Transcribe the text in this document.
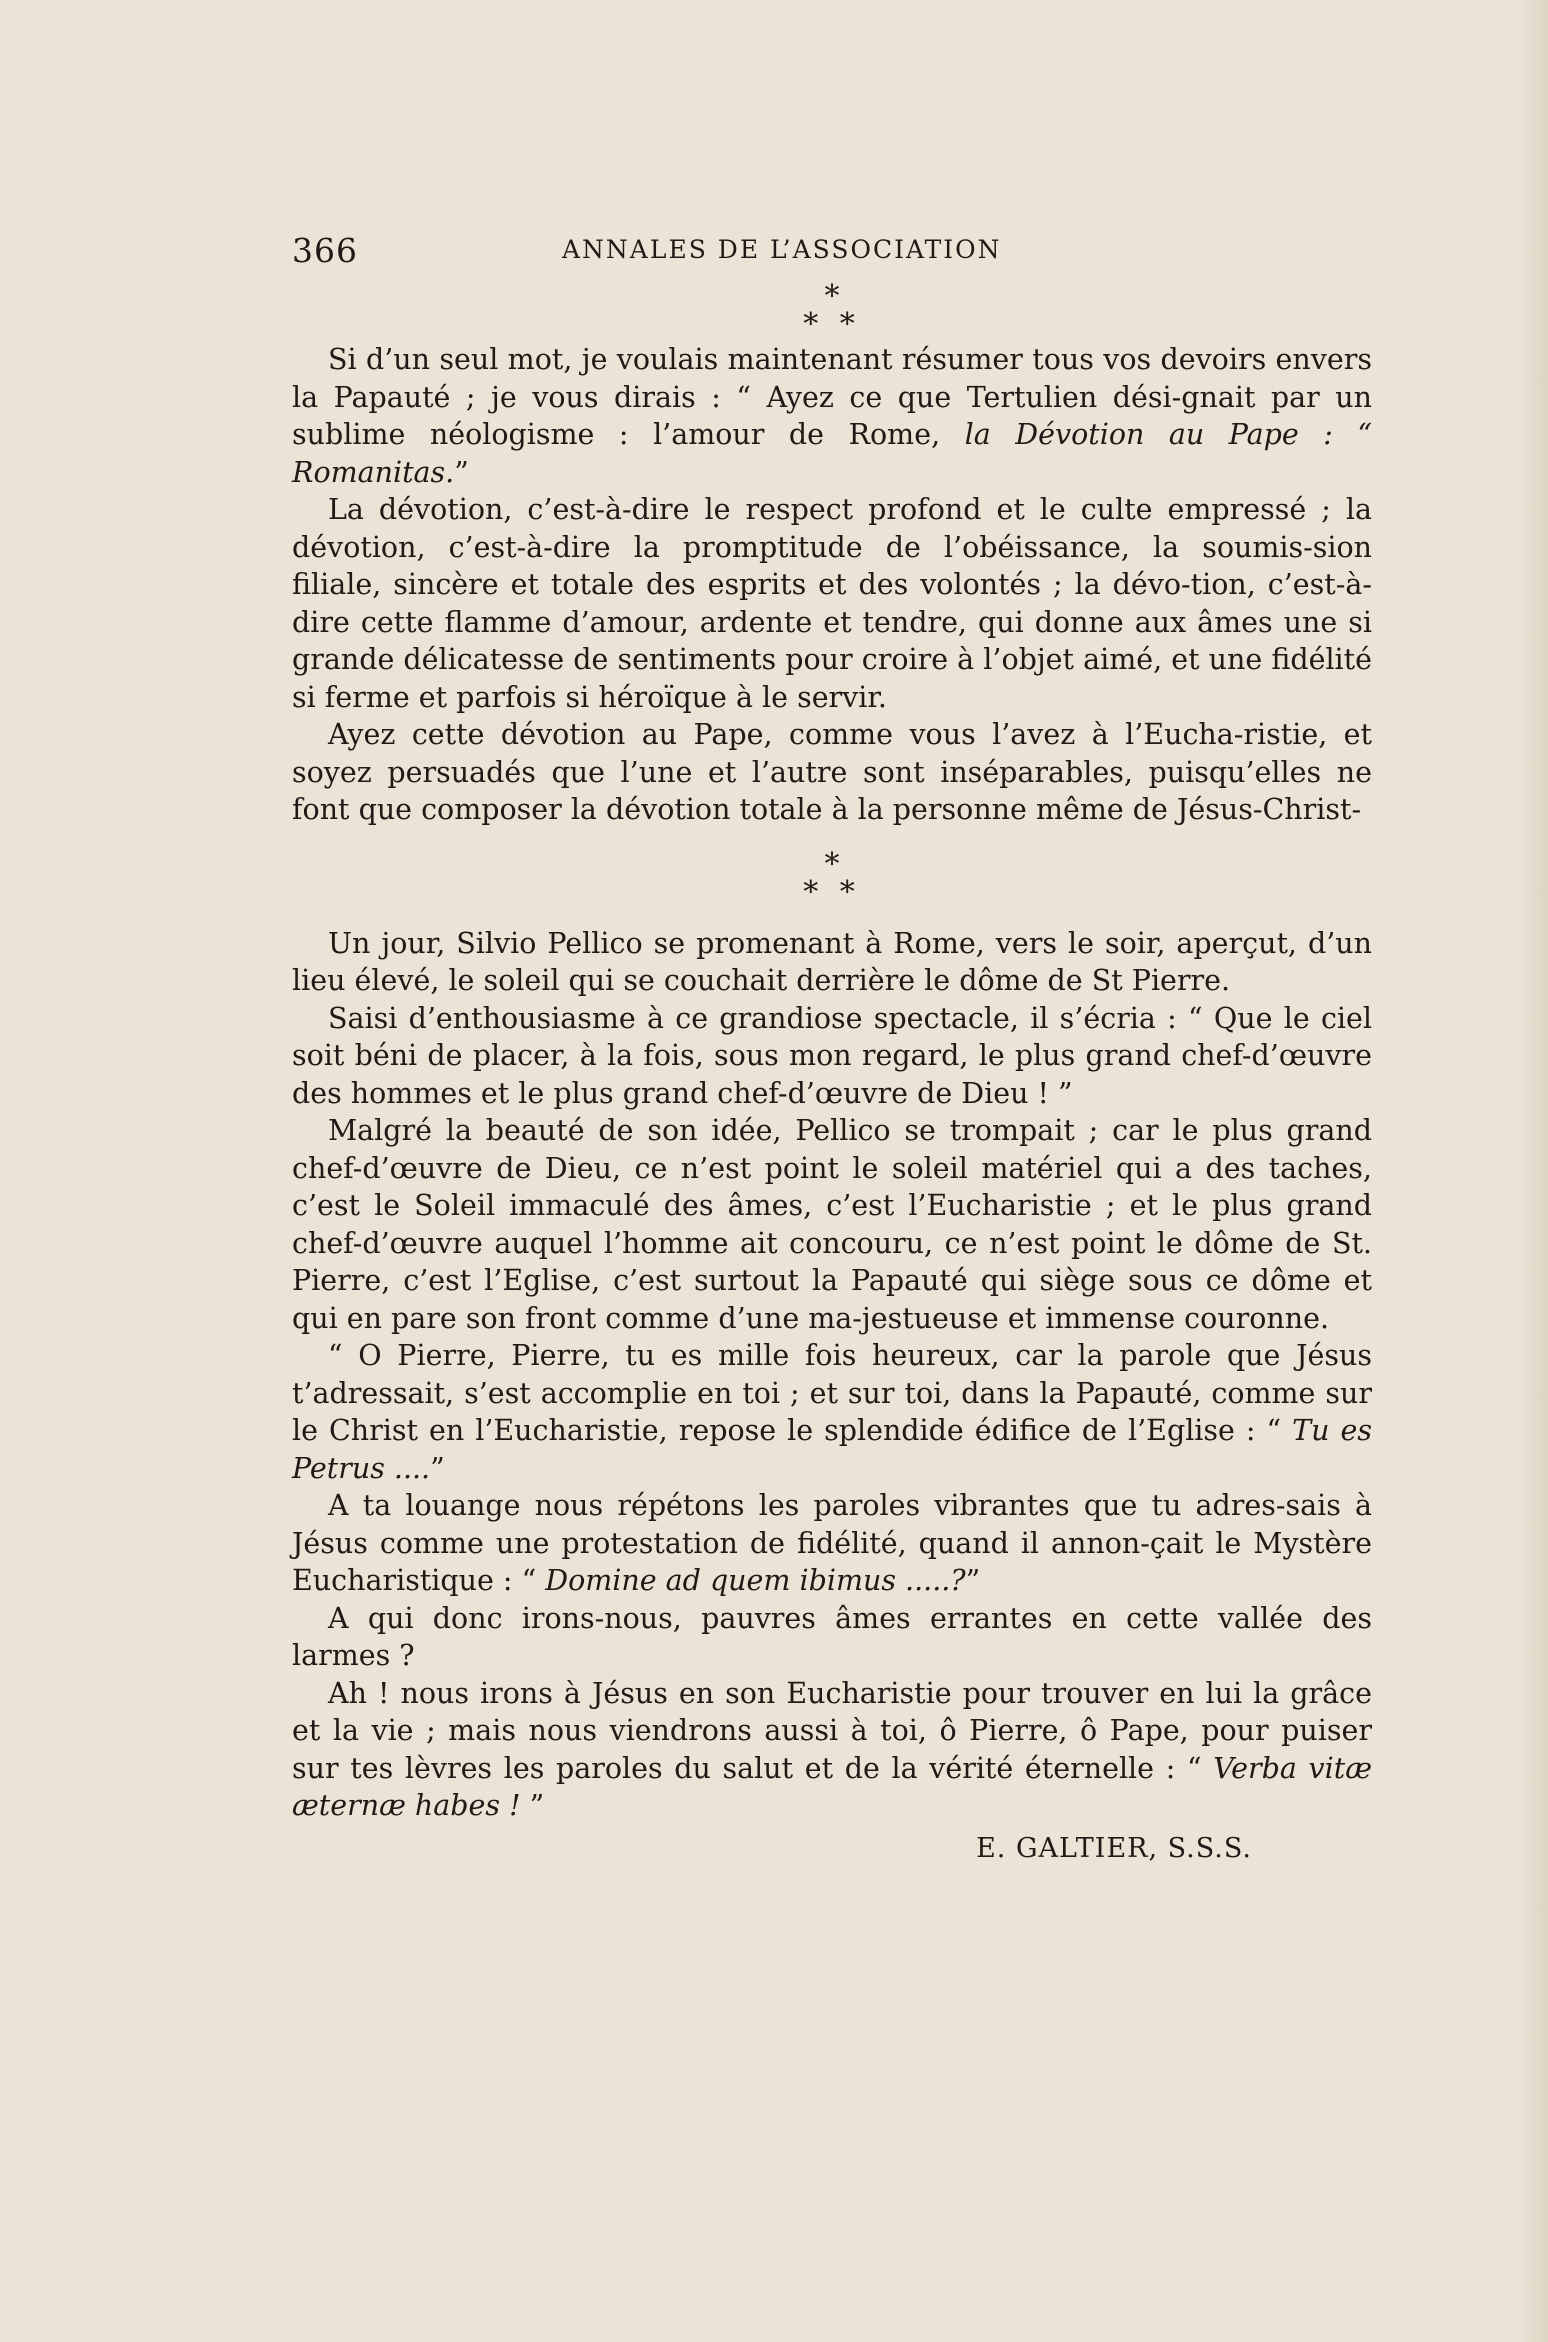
366	ANNALES DE L’ASSOCIATION
*
* *

Si d’un seul mot, je voulais maintenant résumer tous vos devoirs envers la Papauté ; je vous dirais : “ Ayez ce que Tertulien dési-gnait par un sublime néologisme : l’amour de Rome, la Dévotion au Pape : “ Romanitas.”

La dévotion, c’est-à-dire le respect profond et le culte empressé ; la dévotion, c’est-à-dire la promptitude de l’obéissance, la soumis-sion filiale, sincère et totale des esprits et des volontés ; la dévo-tion, c’est-à-dire cette flamme d’amour, ardente et tendre, qui donne aux âmes une si grande délicatesse de sentiments pour croire à l’objet aimé, et une fidélité si ferme et parfois si héroïque à le servir.

Ayez cette dévotion au Pape, comme vous l’avez à l’Eucha-ristie, et soyez persuadés que l’une et l’autre sont inséparables, puisqu’elles ne font que composer la dévotion totale à la personne même de Jésus-Christ-

*
* *

Un jour, Silvio Pellico se promenant à Rome, vers le soir, aperçut, d’un lieu élevé, le soleil qui se couchait derrière le dôme de St Pierre.

Saisi d’enthousiasme à ce grandiose spectacle, il s’écria : “ Que le ciel soit béni de placer, à la fois, sous mon regard, le plus grand chef-d’œuvre des hommes et le plus grand chef-d’œuvre de Dieu ! ”

Malgré la beauté de son idée, Pellico se trompait ; car le plus grand chef-d’œuvre de Dieu, ce n’est point le soleil matériel qui a des taches, c’est le Soleil immaculé des âmes, c’est l’Eucharistie ; et le plus grand chef-d’œuvre auquel l’homme ait concouru, ce n’est point le dôme de St. Pierre, c’est l’Eglise, c’est surtout la Papauté qui siège sous ce dôme et qui en pare son front comme d’une ma-jestueuse et immense couronne.

“ O Pierre, Pierre, tu es mille fois heureux, car la parole que Jésus t’adressait, s’est accomplie en toi ; et sur toi, dans la Papauté, comme sur le Christ en l’Eucharistie, repose le splendide édifice de l’Eglise : “ Tu es Petrus ....”

A ta louange nous répétons les paroles vibrantes que tu adres-sais à Jésus comme une protestation de fidélité, quand il annon-çait le Mystère Eucharistique : “ Domine ad quem ibimus .....?”

A qui donc irons-nous, pauvres âmes errantes en cette vallée des larmes ?

Ah ! nous irons à Jésus en son Eucharistie pour trouver en lui la grâce et la vie ; mais nous viendrons aussi à toi, ô Pierre, ô Pape, pour puiser sur tes lèvres les paroles du salut et de la vérité éternelle : “ Verba vitæ æternæ habes ! ”

E. GALTIER, S.S.S.
